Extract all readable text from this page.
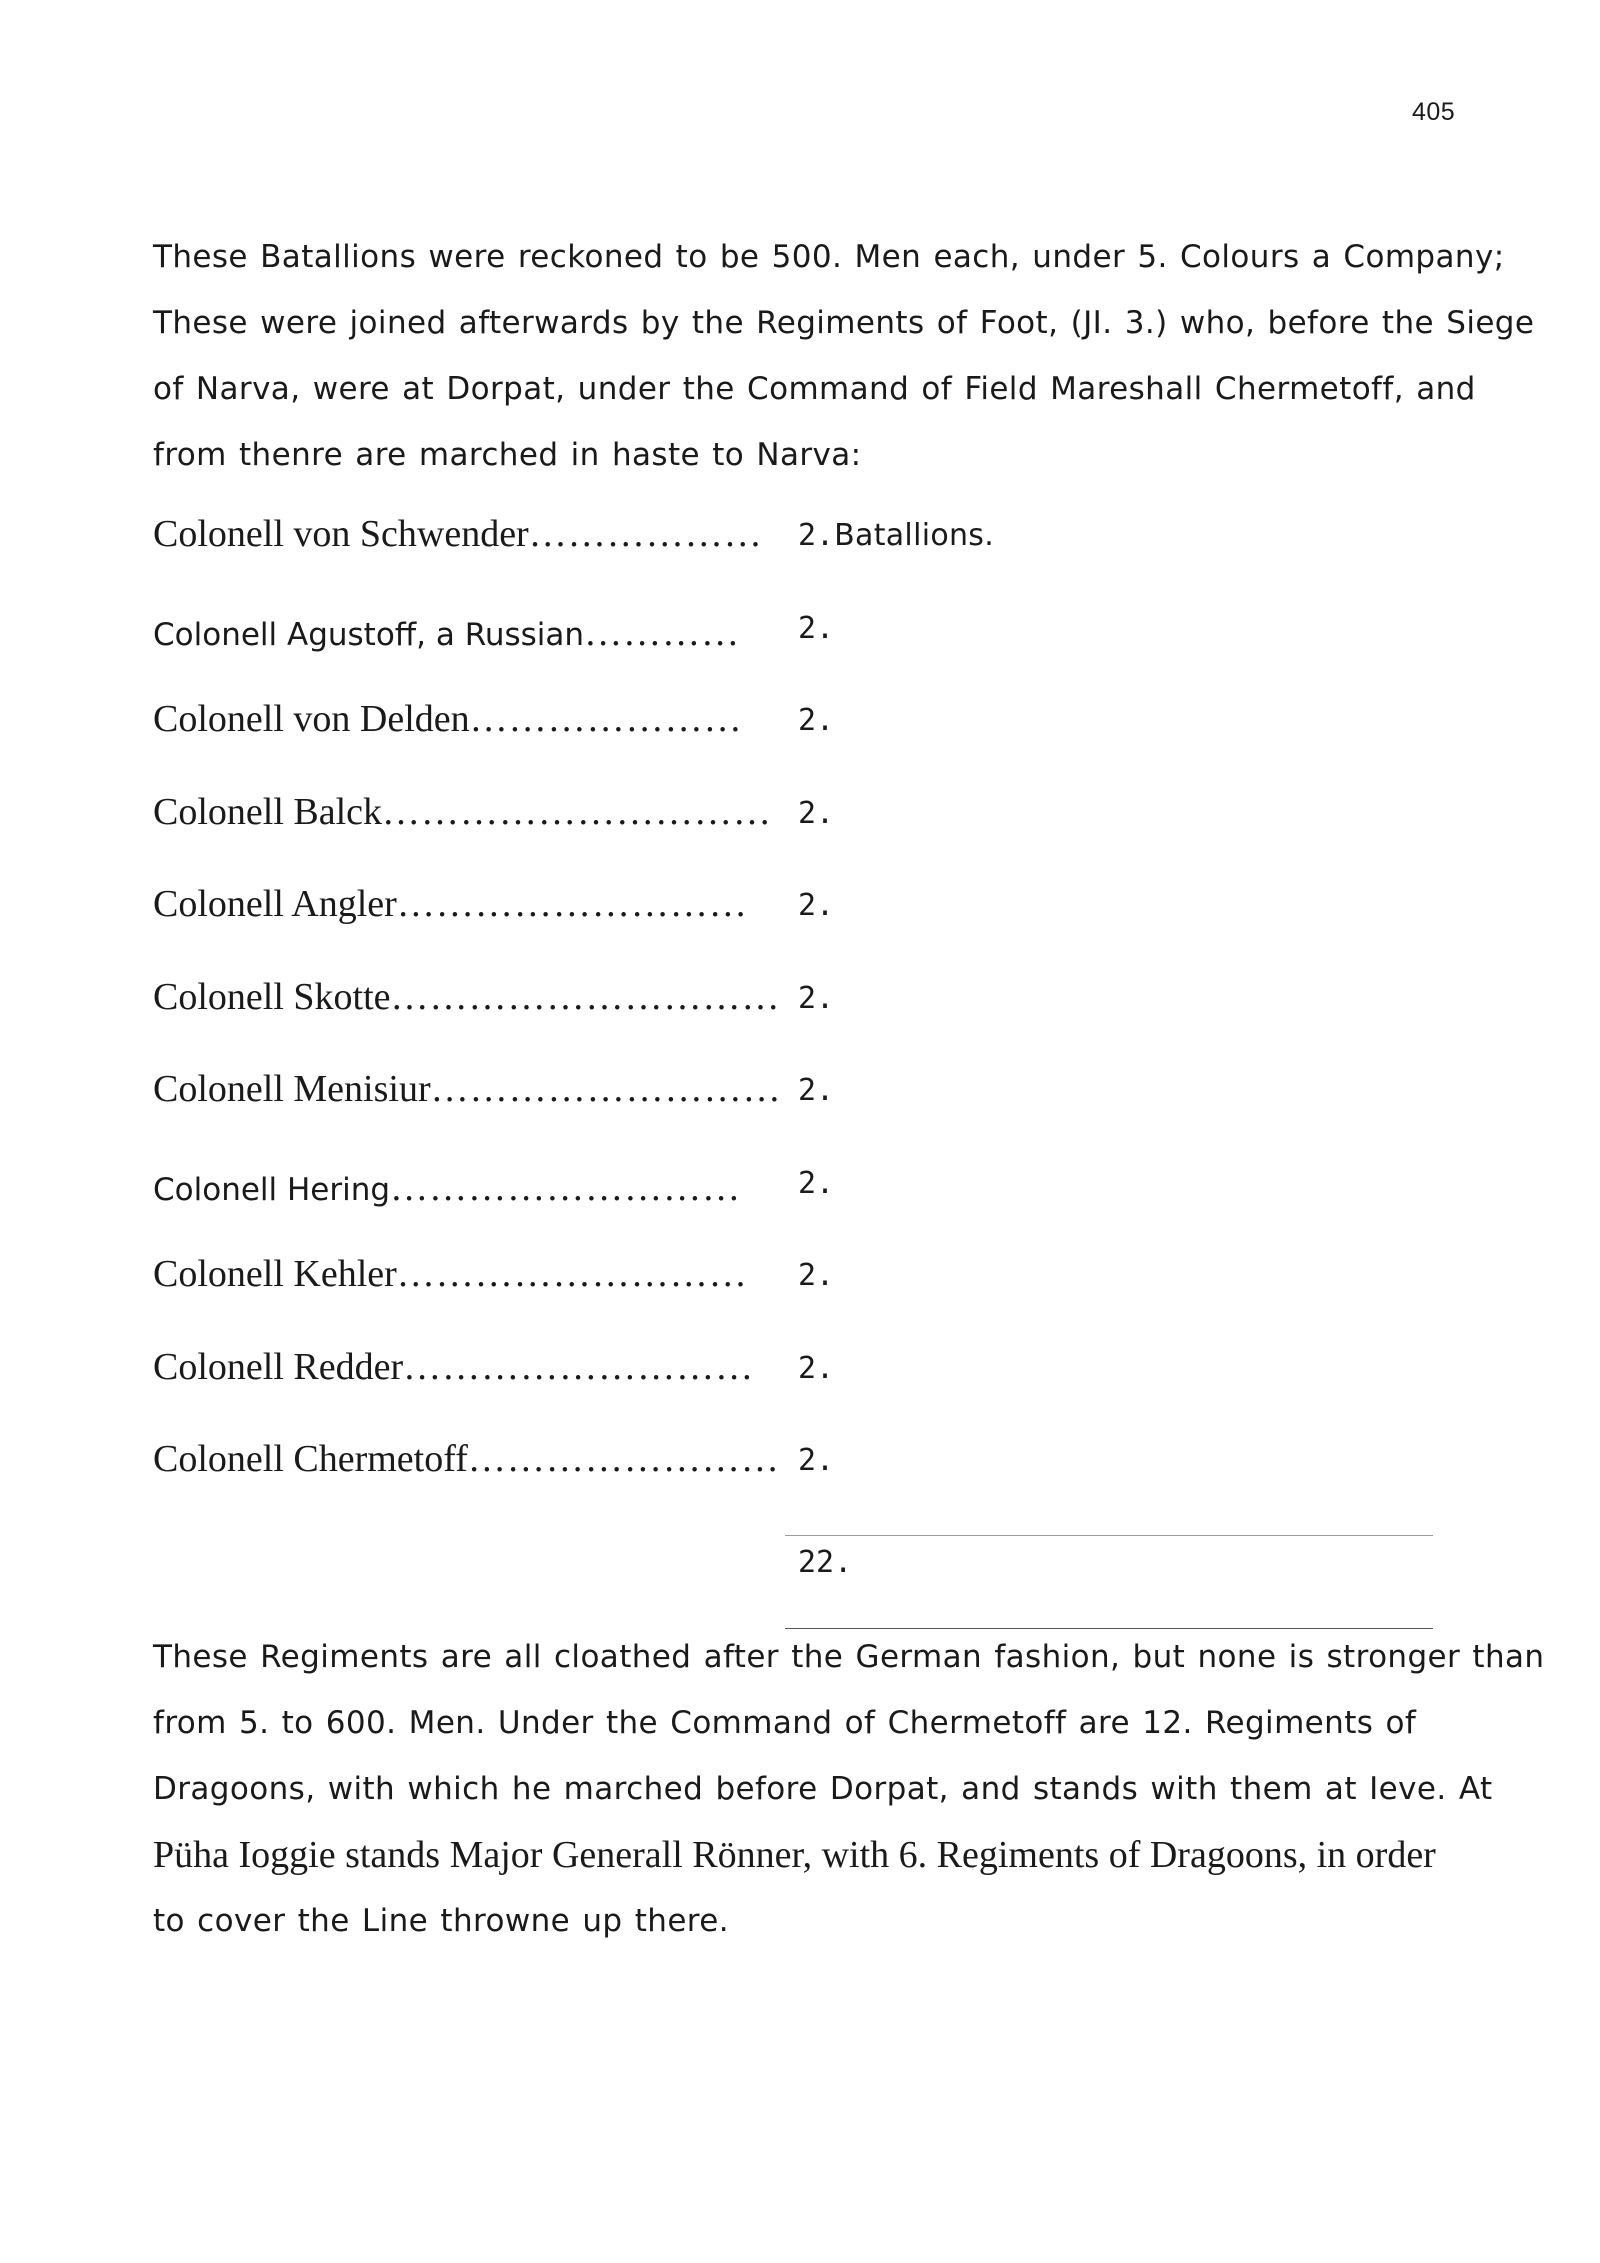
405

These Batallions were reckoned to be 500. Men each, under 5. Colours a Company;

These were joined afterwards by the Regiments of Foot, (JI. 3.) who, before the Siege

of Narva, were at Dorpat, under the Command of Field Mareshall Chermetoff, and

from thenre are marched in haste to Narva:

Colonell von Schwender……………… 2.Batallions.
Colonell Agustoff, a Russian………… 2.
Colonell von Delden………………… 2.
Colonell Balck………………………… 2.
Colonell Angler……………………… 2.
Colonell Skotte………………………… 2.
Colonell Menisiur……………………… 2.
Colonell Hering……………………… 2.
Colonell Kehler……………………… 2.
Colonell Redder……………………… 2.
Colonell Chermetoff…………………… 2.
22.

These Regiments are all cloathed after the German fashion, but none is stronger than

from 5. to 600. Men. Under the Command of Chermetoff are 12. Regiments of

Dragoons, with which he marched before Dorpat, and stands with them at Ieve. At

Püha Ioggie stands Major Generall Rönner, with 6. Regiments of Dragoons, in order

to cover the Line throwne up there.
